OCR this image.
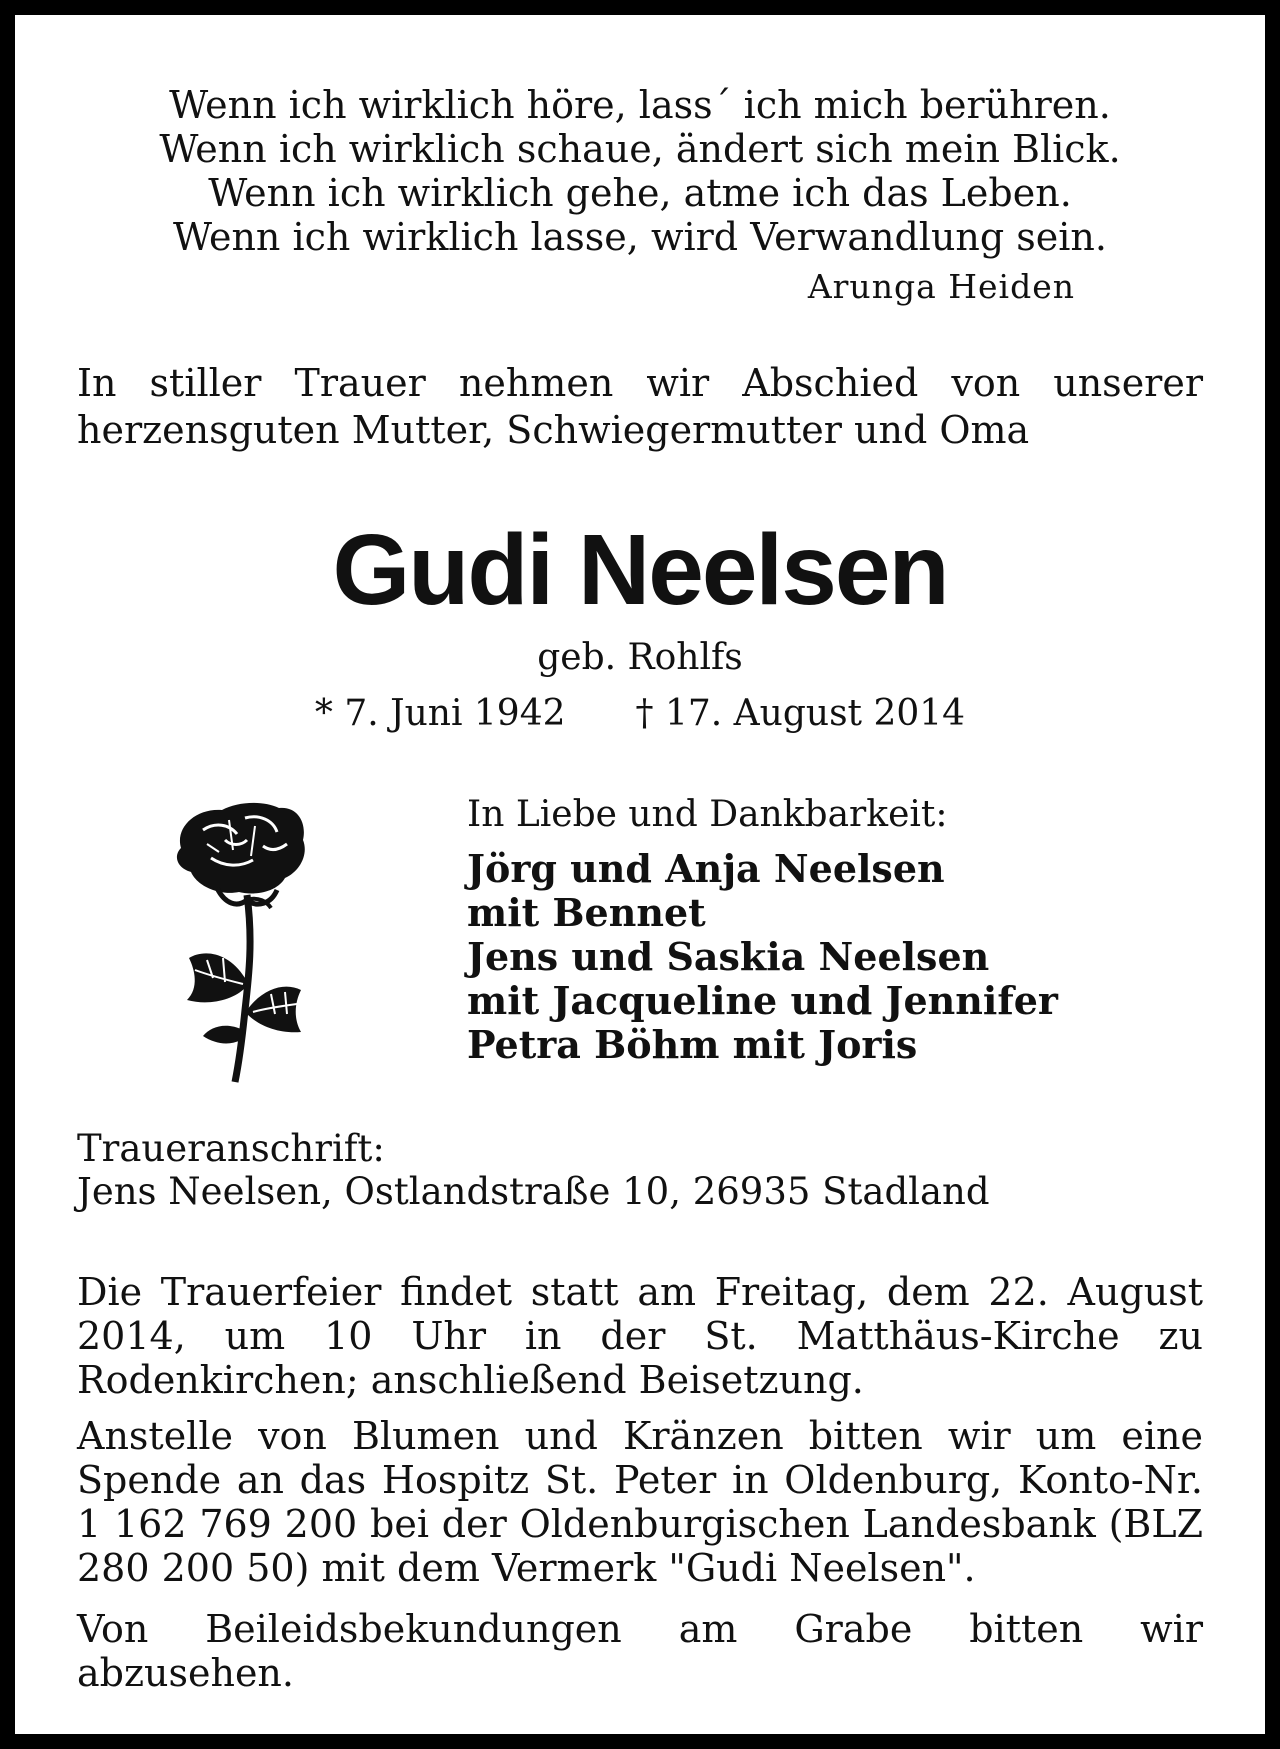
Wenn ich wirklich höre, lass´ ich mich berühren.
Wenn ich wirklich schaue, ändert sich mein Blick.
Wenn ich wirklich gehe, atme ich das Leben.
Wenn ich wirklich lasse, wird Verwandlung sein.
Arunga Heiden

In stiller Trauer nehmen wir Abschied von unserer herzensguten Mutter, Schwiegermutter und Oma

Gudi Neelsen
geb. Rohlfs
* 7. Juni 1942 † 17. August 2014
In Liebe und Dankbarkeit:
Jörg und Anja Neelsen
mit Bennet
Jens und Saskia Neelsen
mit Jacqueline und Jennifer
Petra Böhm mit Joris
Traueranschrift:
Jens Neelsen, Ostlandstraße 10, 26935 Stadland

Die Trauerfeier findet statt am Freitag, dem 22. August 2014, um 10 Uhr in der St. Matthäus-Kirche zu Rodenkirchen; anschließend Beisetzung.

Anstelle von Blumen und Kränzen bitten wir um eine Spende an das Hospitz St. Peter in Oldenburg, Konto-Nr. 1 162 769 200 bei der Oldenburgischen Landesbank (BLZ 280 200 50) mit dem Vermerk "Gudi Neelsen".

Von Beileidsbekundungen am Grabe bitten wir abzusehen.
